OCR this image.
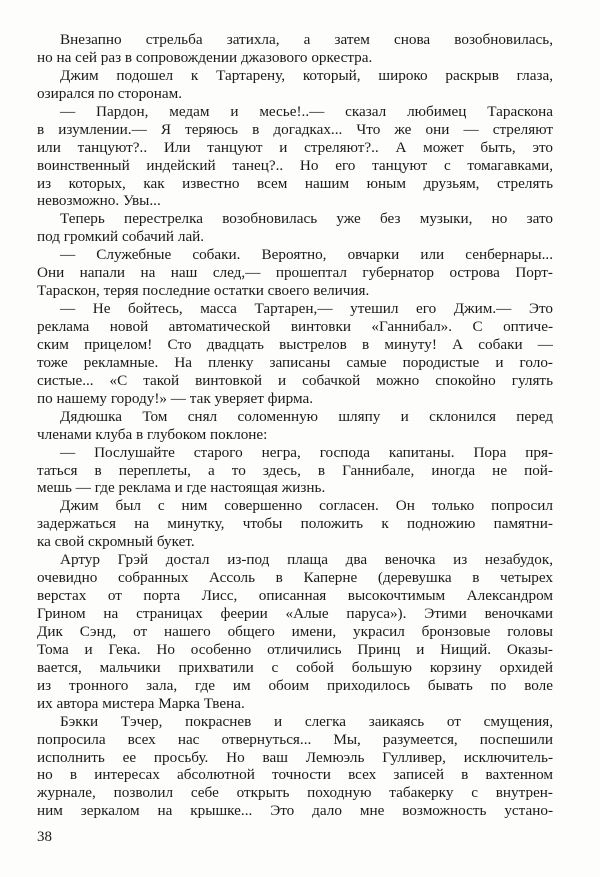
Внезапно стрельба затихла, а затем снова возобновилась,
но на сей раз в сопровождении джазового оркестра.
Джим подошел к Тартарену, который, широко раскрыв глаза,
озирался по сторонам.
— Пардон, медам и месье!..— сказал любимец Тараскона
в изумлении.— Я теряюсь в догадках... Что же они — стреляют
или танцуют?.. Или танцуют и стреляют?.. А может быть, это
воинственный индейский танец?.. Но его танцуют с томагавками,
из которых, как известно всем нашим юным друзьям, стрелять
невозможно. Увы...
Теперь перестрелка возобновилась уже без музыки, но зато
под громкий собачий лай.
— Служебные собаки. Вероятно, овчарки или сенбернары...
Они напали на наш след,— прошептал губернатор острова Порт-
Тараскон, теряя последние остатки своего величия.
— Не бойтесь, масса Тартарен,— утешил его Джим.— Это
реклама новой автоматической винтовки «Ганнибал». С оптиче-
ским прицелом! Сто двадцать выстрелов в минуту! А собаки —
тоже рекламные. На пленку записаны самые породистые и голо-
систые... «С такой винтовкой и собачкой можно спокойно гулять
по нашему городу!» — так уверяет фирма.
Дядюшка Том снял соломенную шляпу и склонился перед
членами клуба в глубоком поклоне:
— Послушайте старого негра, господа капитаны. Пора пря-
таться в переплеты, а то здесь, в Ганнибале, иногда не пой-
мешь — где реклама и где настоящая жизнь.
Джим был с ним совершенно согласен. Он только попросил
задержаться на минутку, чтобы положить к подножию памятни-
ка свой скромный букет.
Артур Грэй достал из-под плаща два веночка из незабудок,
очевидно собранных Ассоль в Каперне (деревушка в четырех
верстах от порта Лисс, описанная высокочтимым Александром
Грином на страницах феерии «Алые паруса»). Этими веночками
Дик Сэнд, от нашего общего имени, украсил бронзовые головы
Тома и Гека. Но особенно отличились Принц и Нищий. Оказы-
вается, мальчики прихватили с собой большую корзину орхидей
из тронного зала, где им обоим приходилось бывать по воле
их автора мистера Марка Твена.
Бэкки Тэчер, покраснев и слегка заикаясь от смущения,
попросила всех нас отвернуться... Мы, разумеется, поспешили
исполнить ее просьбу. Но ваш Лемюэль Гулливер, исключитель-
но в интересах абсолютной точности всех записей в вахтенном
журнале, позволил себе открыть походную табакерку с внутрен-
ним зеркалом на крышке... Это дало мне возможность устано-
38
